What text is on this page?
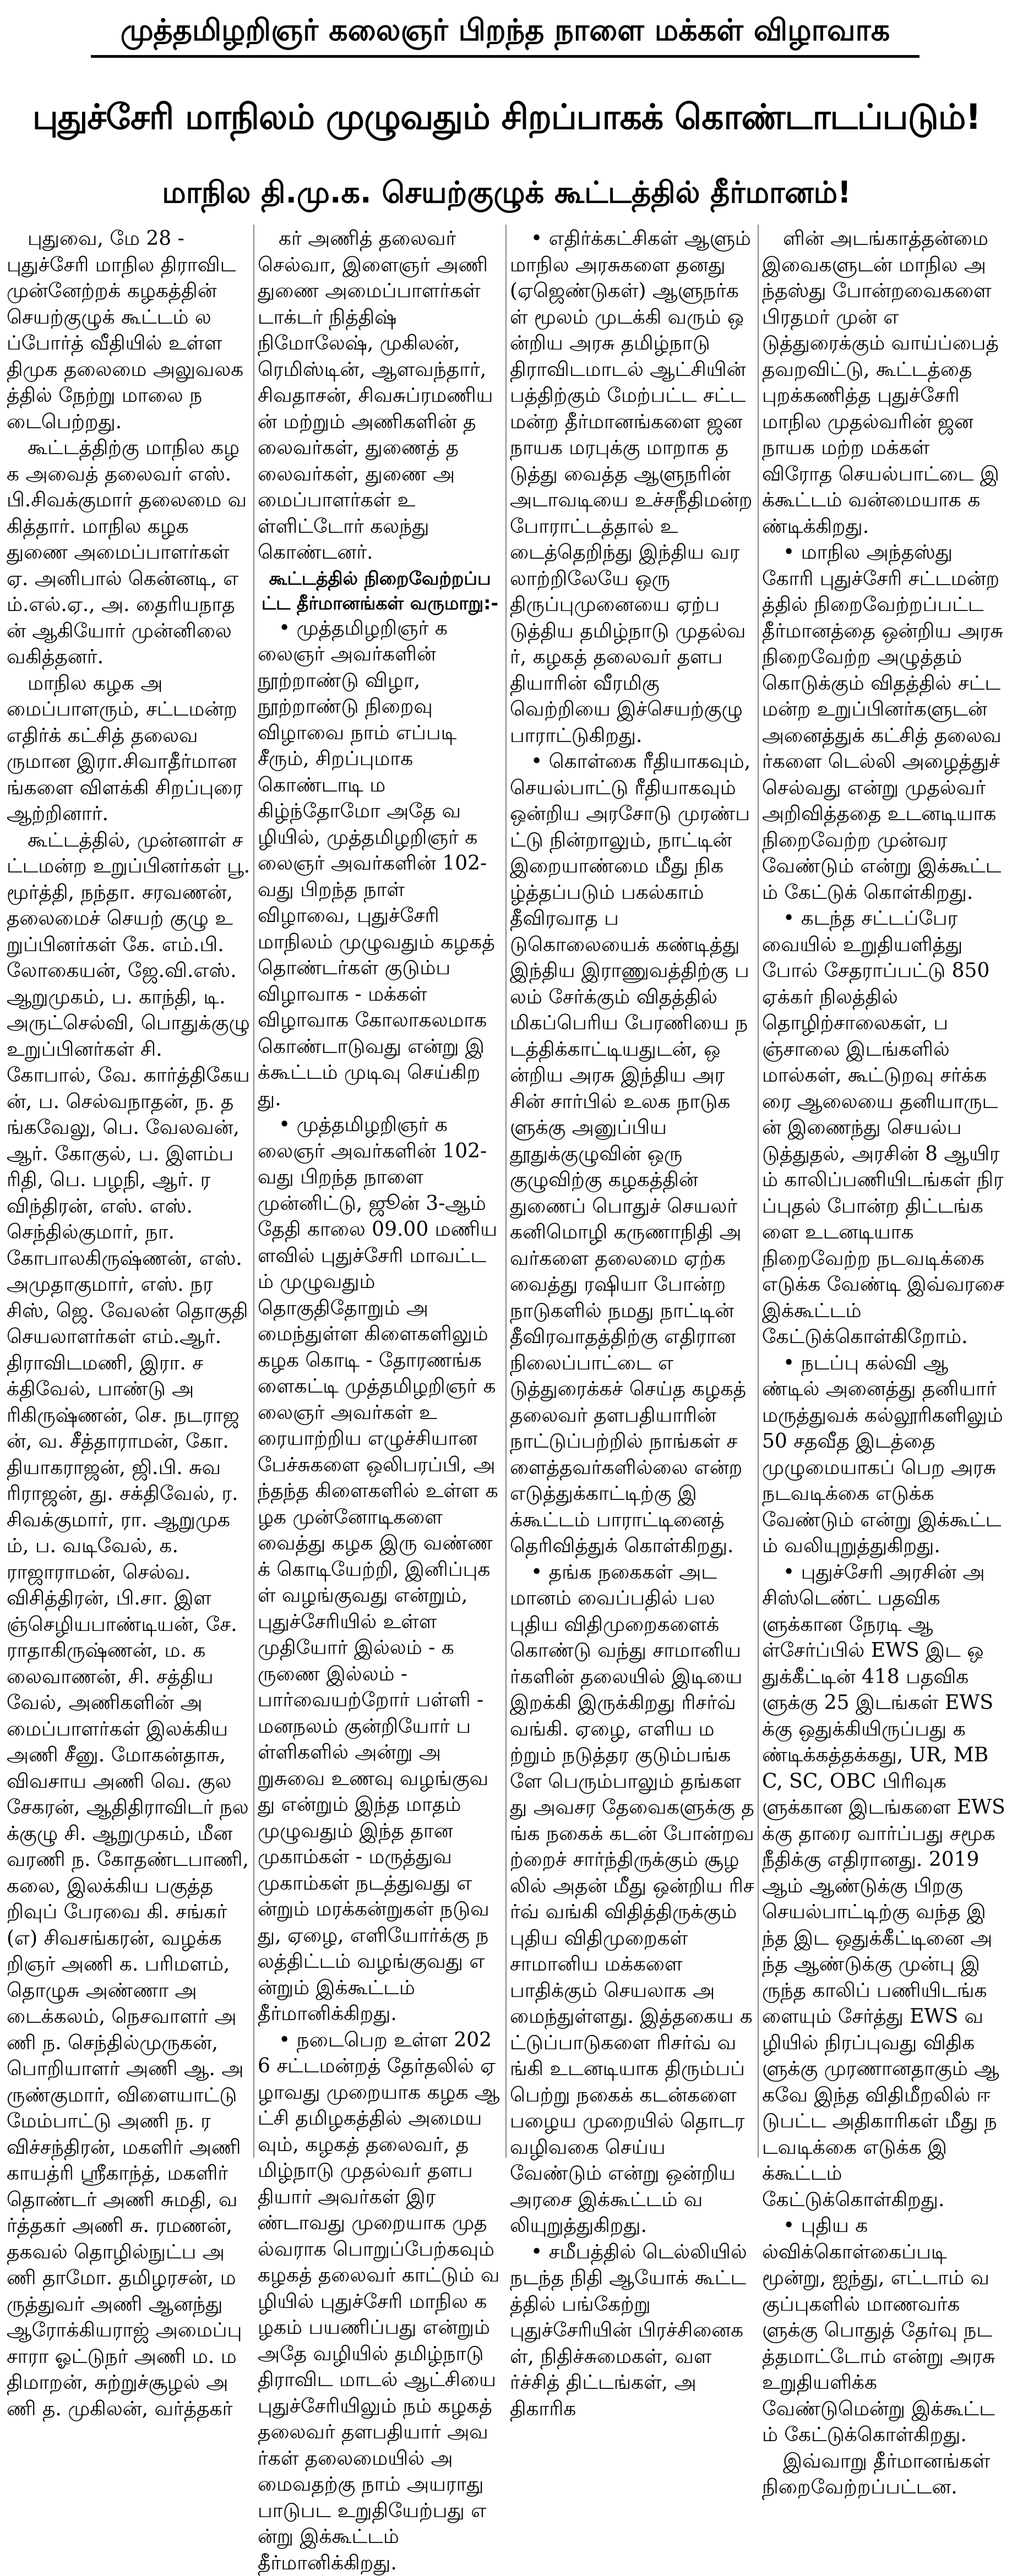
முத்தமிழறிஞர் கலைஞர் பிறந்த நாளை மக்கள் விழாவாக
புதுச்சேரி மாநிலம் முழுவதும் சிறப்பாகக் கொண்டாடப்படும்!
மாநில தி.மு.க. செயற்குழுக் கூட்டத்தில் தீர்மானம்!

புதுவை, மே 28 - புதுச்சேரி மாநில திராவிட முன்னேற்றக் கழகத்தின் செயற்குழுக் கூட்டம் லப்போர்த் வீதியில் உள்ள திமுக தலைமை அலுவலகத்தில் நேற்று மாலை நடைபெற்றது.

கூட்டத்திற்கு மாநில கழக அவைத் தலைவர் எஸ். பி.சிவக்குமார் தலைமை வகித்தார். மாநில கழக துணை அமைப்பாளர்கள் ஏ. அனிபால் கென்னடி, எம்.எல்.ஏ., அ. தைரியநாதன் ஆகியோர் முன்னிலை வகித்தனர்.

மாநில கழக அமைப்பாளரும், சட்டமன்ற எதிர்க் கட்சித் தலைவருமான இரா.சிவாதீர்மானங்களை விளக்கி சிறப்புரை ஆற்றினார்.

கூட்டத்தில், முன்னாள் சட்டமன்ற உறுப்பினர்கள் பூ. மூர்த்தி, நந்தா. சரவணன், தலைமைச் செயற் குழு உறுப்பினர்கள் கே. எம்.பி. லோகையன், ஜே.வி.எஸ். ஆறுமுகம், ப. காந்தி, டி. அருட்செல்வி, பொதுக்குழு உறுப்பினர்கள் சி. கோபால், வே. கார்த்திகேயன், ப. செல்வநாதன், ந. தங்கவேலு, பெ. வேலவன், ஆர். கோகுல், ப. இளம்பரிதி, பெ. பழநி, ஆர். ரவிந்திரன், எஸ். எஸ். செந்தில்குமார், நா. கோபாலகிருஷ்ணன், எஸ். அமுதாகுமார், எஸ். நரசிஸ், ஜெ. வேலன் தொகுதி செயலாளர்கள் எம்.ஆர். திராவிடமணி, இரா. சக்திவேல், பாண்டு அரிகிருஷ்ணன், செ. நடராஜன், வ. சீத்தாராமன், கோ. தியாகராஜன், ஜி.பி. சுவரிராஜன், து. சக்திவேல், ர. சிவக்குமார், ரா. ஆறுமுகம், ப. வடிவேல், க. ராஜாராமன், செல்வ. விசித்திரன், பி.சா. இளஞ்செழியபாண்டியன், சே. ராதாகிருஷ்ணன், ம. கலைவாணன், சி. சத்தியவேல், அணிகளின் அமைப்பாளர்கள் இலக்கிய அணி சீனு. மோகன்தாசு, விவசாய அணி வெ. குலசேகரன், ஆதிதிராவிடர் நலக்குழு சி. ஆறுமுகம், மீனவரணி ந. கோதண்டபாணி, கலை, இலக்கிய பகுத்தறிவுப் பேரவை கி. சங்கர் (எ) சிவசங்கரன், வழக்கறிஞர் அணி க. பரிமளம், தொழுசு அண்ணா அடைக்கலம், நெசவாளர் அணி ந. செந்தில்முருகன், பொறியாளர் அணி ஆ. அருண்குமார், விளையாட்டு மேம்பாட்டு அணி ந. ரவிச்சந்திரன், மகளிர் அணி காயத்ரி ஸ்ரீகாந்த், மகளிர் தொண்டர் அணி சுமதி, வர்த்தகர் அணி சு. ரமணன், தகவல் தொழில்நுட்ப அணி தாமோ. தமிழரசன், மருத்துவர் அணி ஆனந்து ஆரோக்கியராஜ் அமைப்பு சாரா ஓட்டுநர் அணி ம. மதிமாறன், சுற்றுச்சூழல் அணி த. முகிலன், வர்த்தகர்

கர் அணித் தலைவர் செல்வா, இளைஞர் அணி துணை அமைப்பாளர்கள் டாக்டர் நித்திஷ் நிமோலேஷ், முகிலன், ரெமிஸ்டின், ஆளவந்தார், சிவதாசன், சிவசுப்ரமணியன் மற்றும் அணிகளின் தலைவர்கள், துணைத் தலைவர்கள், துணை அமைப்பாளர்கள் உள்ளிட்டோர் கலந்து கொண்டனர்.

கூட்டத்தில் நிறைவேற்றப்பட்ட தீர்மானங்கள் வருமாறு:-

• முத்தமிழறிஞர் கலைஞர் அவர்களின் நூற்றாண்டு விழா, நூற்றாண்டு நிறைவு விழாவை நாம் எப்படி சீரும், சிறப்புமாக கொண்டாடி மகிழ்ந்தோமோ அதே வழியில், முத்தமிழறிஞர் கலைஞர் அவர்களின் 102-வது பிறந்த நாள் விழாவை, புதுச்சேரி மாநிலம் முழுவதும் கழகத் தொண்டர்கள் குடும்ப விழாவாக - மக்கள் விழாவாக கோலாகலமாக கொண்டாடுவது என்று இக்கூட்டம் முடிவு செய்கிறது.

• முத்தமிழறிஞர் கலைஞர் அவர்களின் 102-வது பிறந்த நாளை முன்னிட்டு, ஜூன் 3-ஆம் தேதி காலை 09.00 மணியளவில் புதுச்சேரி மாவட்டம் முழுவதும் தொகுதிதோறும் அமைந்துள்ள கிளைகளிலும் கழக கொடி - தோரணங்களைகட்டி முத்தமிழறிஞர் கலைஞர் அவர்கள் உரையாற்றிய எழுச்சியான பேச்சுகளை ஒலிபரப்பி, அந்தந்த கிளைகளில் உள்ள கழக முன்னோடிகளை வைத்து கழக இரு வண்ணக் கொடியேற்றி, இனிப்புகள் வழங்குவது என்றும், புதுச்சேரியில் உள்ள முதியோர் இல்லம் - கருணை இல்லம் - பார்வையற்றோர் பள்ளி - மனநலம் குன்றியோர் பள்ளிகளில் அன்று அறுசுவை உணவு வழங்குவது என்றும் இந்த மாதம் முழுவதும் இந்த தான முகாம்கள் - மருத்துவ முகாம்கள் நடத்துவது என்றும் மரக்கன்றுகள் நடுவது, ஏழை, எளியோர்க்கு நலத்திட்டம் வழங்குவது என்றும் இக்கூட்டம் தீர்மானிக்கிறது.

• நடைபெற உள்ள 2026 சட்டமன்றத் தேர்தலில் ஏழாவது முறையாக கழக ஆட்சி தமிழகத்தில் அமையவும், கழகத் தலைவர், தமிழ்நாடு முதல்வர் தளபதியார் அவர்கள் இரண்டாவது முறையாக முதல்வராக பொறுப்பேற்கவும் கழகத் தலைவர் காட்டும் வழியில் புதுச்சேரி மாநில கழகம் பயணிப்பது என்றும் அதே வழியில் தமிழ்நாடு திராவிட மாடல் ஆட்சியை புதுச்சேரியிலும் நம் கழகத் தலைவர் தளபதியார் அவர்கள் தலைமையில் அமைவதற்கு நாம் அயராது பாடுபட உறுதியேற்பது என்று இக்கூட்டம் தீர்மானிக்கிறது.

• எதிர்க்கட்சிகள் ஆளும் மாநில அரசுகளை தனது (ஏஜெண்டுகள்) ஆளுநர்கள் மூலம் முடக்கி வரும் ஒன்றிய அரசு தமிழ்நாடு திராவிடமாடல் ஆட்சியின் பத்திற்கும் மேற்பட்ட சட்டமன்ற தீர்மானங்களை ஜனநாயக மரபுக்கு மாறாக தடுத்து வைத்த ஆளுநரின் அடாவடியை உச்சநீதிமன்ற போராட்டத்தால் உடைத்தெறிந்து இந்திய வரலாற்றிலேயே ஒரு திருப்புமுனையை ஏற்படுத்திய தமிழ்நாடு முதல்வர், கழகத் தலைவர் தளபதியாரின் வீரமிகு வெற்றியை இச்செயற்குழு பாராட்டுகிறது.

• கொள்கை ரீதியாகவும், செயல்பாட்டு ரீதியாகவும் ஒன்றிய அரசோடு முரண்பட்டு நின்றாலும், நாட்டின் இறையாண்மை மீது நிகழ்த்தப்படும் பகல்காம் தீவிரவாத படுகொலையைக் கண்டித்து இந்திய இராணுவத்திற்கு பலம் சேர்க்கும் விதத்தில் மிகப்பெரிய பேரணியை நடத்திக்காட்டியதுடன், ஒன்றிய அரசு இந்திய அரசின் சார்பில் உலக நாடுகளுக்கு அனுப்பிய தூதுக்குழுவின் ஒரு குழுவிற்கு கழகத்தின் துணைப் பொதுச் செயலர் கனிமொழி கருணாநிதி அவர்களை தலைமை ஏற்க வைத்து ரஷியா போன்ற நாடுகளில் நமது நாட்டின் தீவிரவாதத்திற்கு எதிரான நிலைப்பாட்டை எடுத்துரைக்கச் செய்த கழகத் தலைவர் தளபதியாரின் நாட்டுப்பற்றில் நாங்கள் சளைத்தவர்களில்லை என்ற எடுத்துக்காட்டிற்கு இக்கூட்டம் பாராட்டினைத் தெரிவித்துக் கொள்கிறது.

• தங்க நகைகள் அடமானம் வைப்பதில் பல புதிய விதிமுறைகளைக் கொண்டு வந்து சாமானியர்களின் தலையில் இடியை இறக்கி இருக்கிறது ரிசர்வ் வங்கி. ஏழை, எளிய மற்றும் நடுத்தர குடும்பங்களே பெரும்பாலும் தங்களது அவசர தேவைகளுக்கு தங்க நகைக் கடன் போன்றவற்றைச் சார்ந்திருக்கும் சூழலில் அதன் மீது ஒன்றிய ரிசர்வ் வங்கி விதித்திருக்கும் புதிய விதிமுறைகள் சாமானிய மக்களை பாதிக்கும் செயலாக அமைந்துள்ளது. இத்தகைய கட்டுப்பாடுகளை ரிசர்வ் வங்கி உடனடியாக திரும்பப் பெற்று நகைக் கடன்களை பழைய முறையில் தொடர வழிவகை செய்ய வேண்டும் என்று ஒன்றிய அரசை இக்கூட்டம் வலியுறுத்துகிறது.

• சமீபத்தில் டெல்லியில் நடந்த நிதி ஆயோக் கூட்டத்தில் பங்கேற்று புதுச்சேரியின் பிரச்சினைகள், நிதிச்சுமைகள், வளர்ச்சித் திட்டங்கள், அதிகாரிக

ளின் அடங்காத்தன்மை இவைகளுடன் மாநில அந்தஸ்து போன்றவைகளை பிரதமர் முன் எடுத்துரைக்கும் வாய்ப்பைத் தவறவிட்டு, கூட்டத்தை புறக்கணித்த புதுச்சேரி மாநில முதல்வரின் ஜனநாயக மற்ற மக்கள் விரோத செயல்பாட்டை இக்கூட்டம் வன்மையாக கண்டிக்கிறது.

• மாநில அந்தஸ்து கோரி புதுச்சேரி சட்டமன்றத்தில் நிறைவேற்றப்பட்ட தீர்மானத்தை ஒன்றிய அரசு நிறைவேற்ற அழுத்தம் கொடுக்கும் விதத்தில் சட்டமன்ற உறுப்பினர்களுடன் அனைத்துக் கட்சித் தலைவர்களை டெல்லி அழைத்துச் செல்வது என்று முதல்வர் அறிவித்ததை உடனடியாக நிறைவேற்ற முன்வர வேண்டும் என்று இக்கூட்டம் கேட்டுக் கொள்கிறது.

• கடந்த சட்டப்பேரவையில் உறுதியளித்து போல் சேதராப்பட்டு 850 ஏக்கர் நிலத்தில் தொழிற்சாலைகள், பஞ்சாலை இடங்களில் மால்கள், கூட்டுறவு சர்க்கரை ஆலையை தனியாருடன் இணைந்து செயல்படுத்துதல், அரசின் 8 ஆயிரம் காலிப்பணியிடங்கள் நிரப்புதல் போன்ற திட்டங்களை உடனடியாக நிறைவேற்ற நடவடிக்கை எடுக்க வேண்டி இவ்வரசை இக்கூட்டம் கேட்டுக்கொள்கிறோம்.

• நடப்பு கல்வி ஆண்டில் அனைத்து தனியார் மருத்துவக் கல்லூரிகளிலும் 50 சதவீத இடத்தை முழுமையாகப் பெற அரசு நடவடிக்கை எடுக்க வேண்டும் என்று இக்கூட்டம் வலியுறுத்துகிறது.

• புதுச்சேரி அரசின் அசிஸ்டெண்ட் பதவிகளுக்கான நேரடி ஆள்சேர்ப்பில் EWS இட ஒதுக்கீட்டின் 418 பதவிகளுக்கு 25 இடங்கள் EWSக்கு ஒதுக்கியிருப்பது கண்டிக்கத்தக்கது, UR, MBC, SC, OBC பிரிவுகளுக்கான இடங்களை EWSக்கு தாரை வார்ப்பது சமூகநீதிக்கு எதிரானது. 2019 ஆம் ஆண்டுக்கு பிறகு செயல்பாட்டிற்கு வந்த இந்த இட ஒதுக்கீட்டினை அந்த ஆண்டுக்கு முன்பு இருந்த காலிப் பணியிடங்களையும் சேர்த்து EWS வழியில் நிரப்புவது விதிகளுக்கு முரணானதாகும் ஆகவே இந்த விதிமீறலில் ஈடுபட்ட அதிகாரிகள் மீது நடவடிக்கை எடுக்க இக்கூட்டம் கேட்டுக்கொள்கிறது.

• புதிய கல்விக்கொள்கைப்படி மூன்று, ஐந்து, எட்டாம் வகுப்புகளில் மாணவர்களுக்கு பொதுத் தேர்வு நடத்தமாட்டோம் என்று அரசு உறுதியளிக்க வேண்டுமென்று இக்கூட்டம் கேட்டுக்கொள்கிறது.

இவ்வாறு தீர்மானங்கள் நிறைவேற்றப்பட்டன.
